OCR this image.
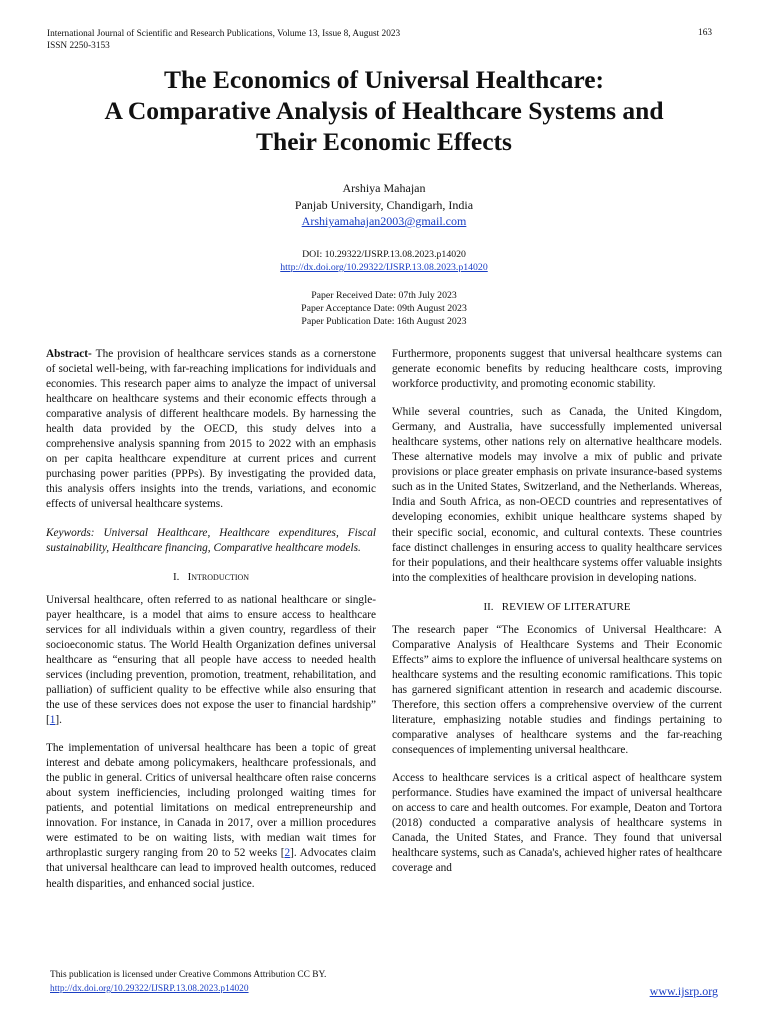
International Journal of Scientific and Research Publications, Volume 13, Issue 8, August 2023
ISSN 2250-3153
163
The Economics of Universal Healthcare:
A Comparative Analysis of Healthcare Systems and
Their Economic Effects
Arshiya Mahajan
Panjab University, Chandigarh, India
Arshiyamahajan2003@gmail.com
DOI: 10.29322/IJSRP.13.08.2023.p14020
http://dx.doi.org/10.29322/IJSRP.13.08.2023.p14020
Paper Received Date: 07th July 2023
Paper Acceptance Date: 09th August 2023
Paper Publication Date: 16th August 2023

Abstract- The provision of healthcare services stands as a cornerstone of societal well-being, with far-reaching implications for individuals and economies. This research paper aims to analyze the impact of universal healthcare on healthcare systems and their economic effects through a comparative analysis of different healthcare models. By harnessing the health data provided by the OECD, this study delves into a comprehensive analysis spanning from 2015 to 2022 with an emphasis on per capita healthcare expenditure at current prices and current purchasing power parities (PPPs). By investigating the provided data, this analysis offers insights into the trends, variations, and economic effects of universal healthcare systems.

Keywords: Universal Healthcare, Healthcare expenditures, Fiscal sustainability, Healthcare financing, Comparative healthcare models.

I. Introduction

Universal healthcare, often referred to as national healthcare or single-payer healthcare, is a model that aims to ensure access to healthcare services for all individuals within a given country, regardless of their socioeconomic status. The World Health Organization defines universal healthcare as “ensuring that all people have access to needed health services (including prevention, promotion, treatment, rehabilitation, and palliation) of sufficient quality to be effective while also ensuring that the use of these services does not expose the user to financial hardship” [1].

The implementation of universal healthcare has been a topic of great interest and debate among policymakers, healthcare professionals, and the public in general. Critics of universal healthcare often raise concerns about system inefficiencies, including prolonged waiting times for patients, and potential limitations on medical entrepreneurship and innovation. For instance, in Canada in 2017, over a million procedures were estimated to be on waiting lists, with median wait times for arthroplastic surgery ranging from 20 to 52 weeks [2]. Advocates claim that universal healthcare can lead to improved health outcomes, reduced health disparities, and enhanced social justice.

Furthermore, proponents suggest that universal healthcare systems can generate economic benefits by reducing healthcare costs, improving workforce productivity, and promoting economic stability.

While several countries, such as Canada, the United Kingdom, Germany, and Australia, have successfully implemented universal healthcare systems, other nations rely on alternative healthcare models. These alternative models may involve a mix of public and private provisions or place greater emphasis on private insurance-based systems such as in the United States, Switzerland, and the Netherlands. Whereas, India and South Africa, as non-OECD countries and representatives of developing economies, exhibit unique healthcare systems shaped by their specific social, economic, and cultural contexts. These countries face distinct challenges in ensuring access to quality healthcare services for their populations, and their healthcare systems offer valuable insights into the complexities of healthcare provision in developing nations.

II. REVIEW OF LITERATURE

The research paper “The Economics of Universal Healthcare: A Comparative Analysis of Healthcare Systems and Their Economic Effects” aims to explore the influence of universal healthcare systems on healthcare systems and the resulting economic ramifications. This topic has garnered significant attention in research and academic discourse. Therefore, this section offers a comprehensive overview of the current literature, emphasizing notable studies and findings pertaining to comparative analyses of healthcare systems and the far-reaching consequences of implementing universal healthcare.

Access to healthcare services is a critical aspect of healthcare system performance. Studies have examined the impact of universal healthcare on access to care and health outcomes. For example, Deaton and Tortora (2018) conducted a comparative analysis of healthcare systems in Canada, the United States, and France. They found that universal healthcare systems, such as Canada's, achieved higher rates of healthcare coverage and

This publication is licensed under Creative Commons Attribution CC BY.
http://dx.doi.org/10.29322/IJSRP.13.08.2023.p14020	www.ijsrp.org
